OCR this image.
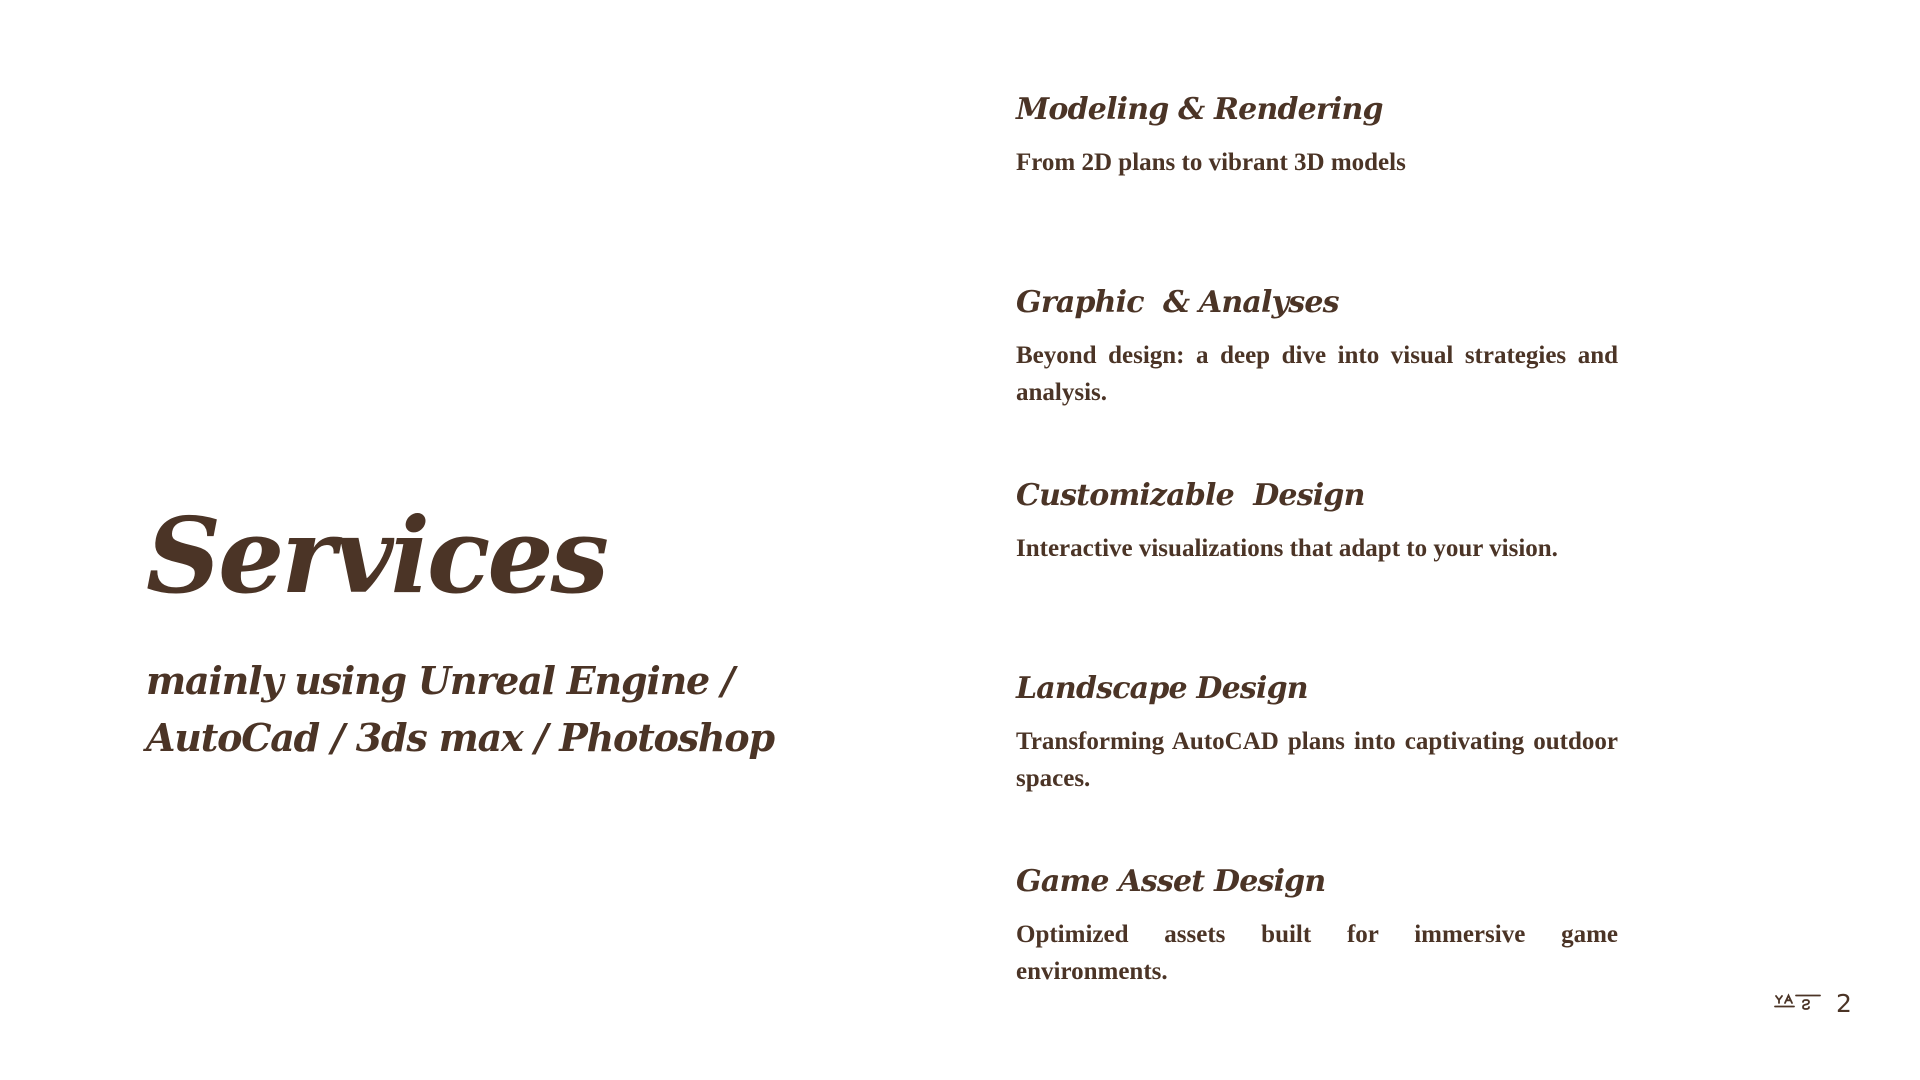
Services

mainly using Unreal Engine /
AutoCad / 3ds max / Photoshop

Modeling & Rendering

From 2D plans to vibrant 3D models

Graphic  & Analyses

Beyond design: a deep dive into visual strategies and analysis.

Customizable  Design

Interactive visualizations that adapt to your vision.

Landscape Design

Transforming AutoCAD plans into captivating outdoor spaces.

Game Asset Design

Optimized assets built for immersive game environments.

2
